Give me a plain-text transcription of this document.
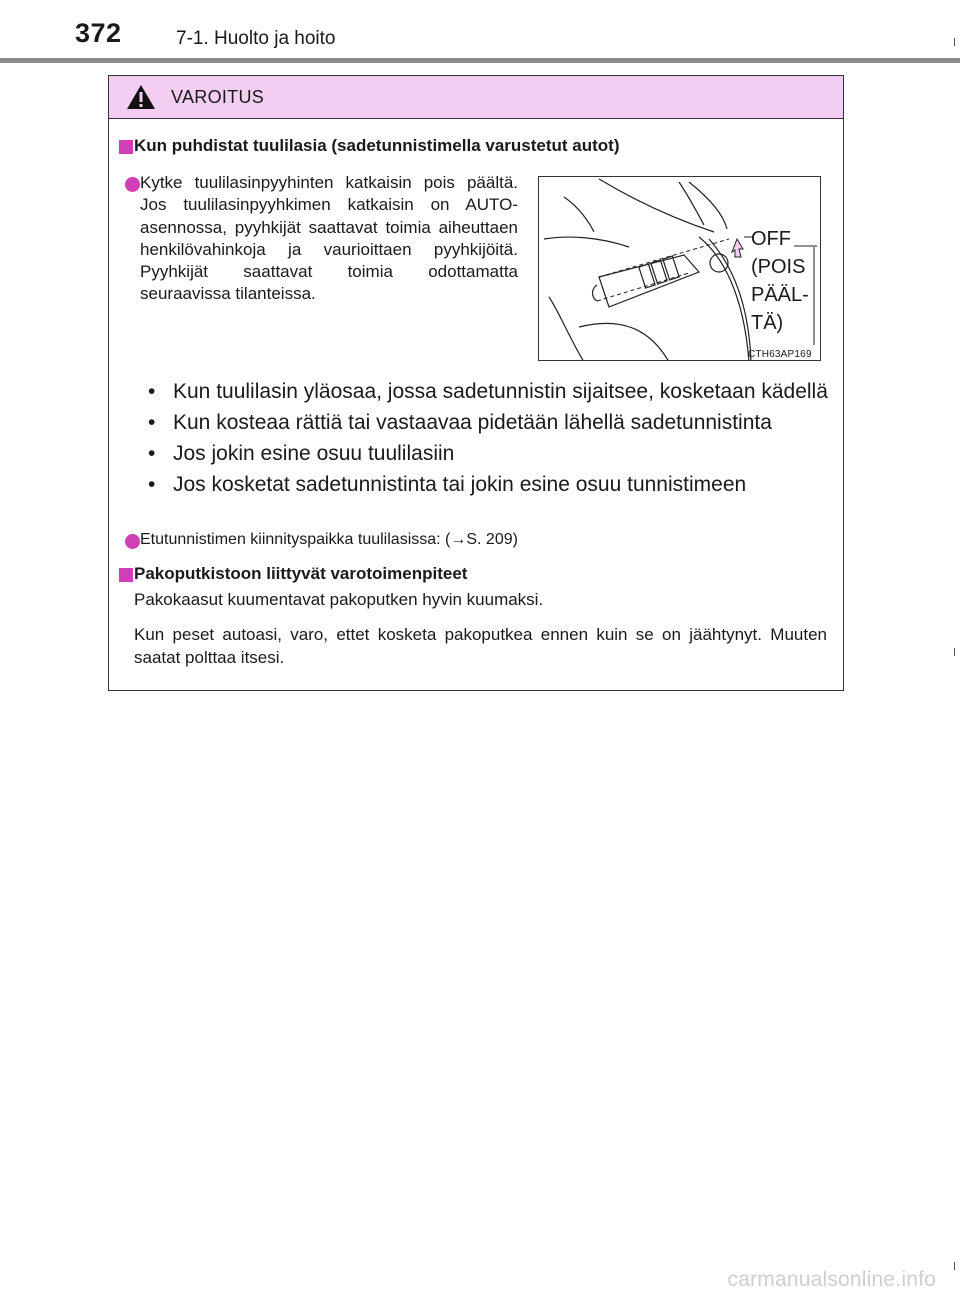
372	7-1. Huolto ja hoito
VAROITUS
Kun puhdistat tuulilasia (sadetunnistimella varustetut autot)
Kytke tuulilasinpyyhinten katkaisin pois päältä. Jos tuulilasinpyyhkimen katkaisin on AUTO-asennossa, pyyhkijät saattavat toimia aiheuttaen henkilövahinkoja ja vaurioittaen pyyhkijöitä. Pyyhkijät saattavat toimia odottamatta seuraavissa tilanteissa.
OFF
(POIS
PÄÄL-
TÄ)
CTH63AP169
• Kun tuulilasin yläosaa, jossa sadetunnistin sijaitsee, kosketaan kädellä
• Kun kosteaa rättiä tai vastaavaa pidetään lähellä sadetunnistinta
• Jos jokin esine osuu tuulilasiin
• Jos kosketat sadetunnistinta tai jokin esine osuu tunnistimeen
Etutunnistimen kiinnityspaikka tuulilasissa: (→S. 209)
Pakoputkistoon liittyvät varotoimenpiteet
Pakokaasut kuumentavat pakoputken hyvin kuumaksi.
Kun peset autoasi, varo, ettet kosketa pakoputkea ennen kuin se on jäähtynyt. Muuten saatat polttaa itsesi.
carmanualsonline.info
